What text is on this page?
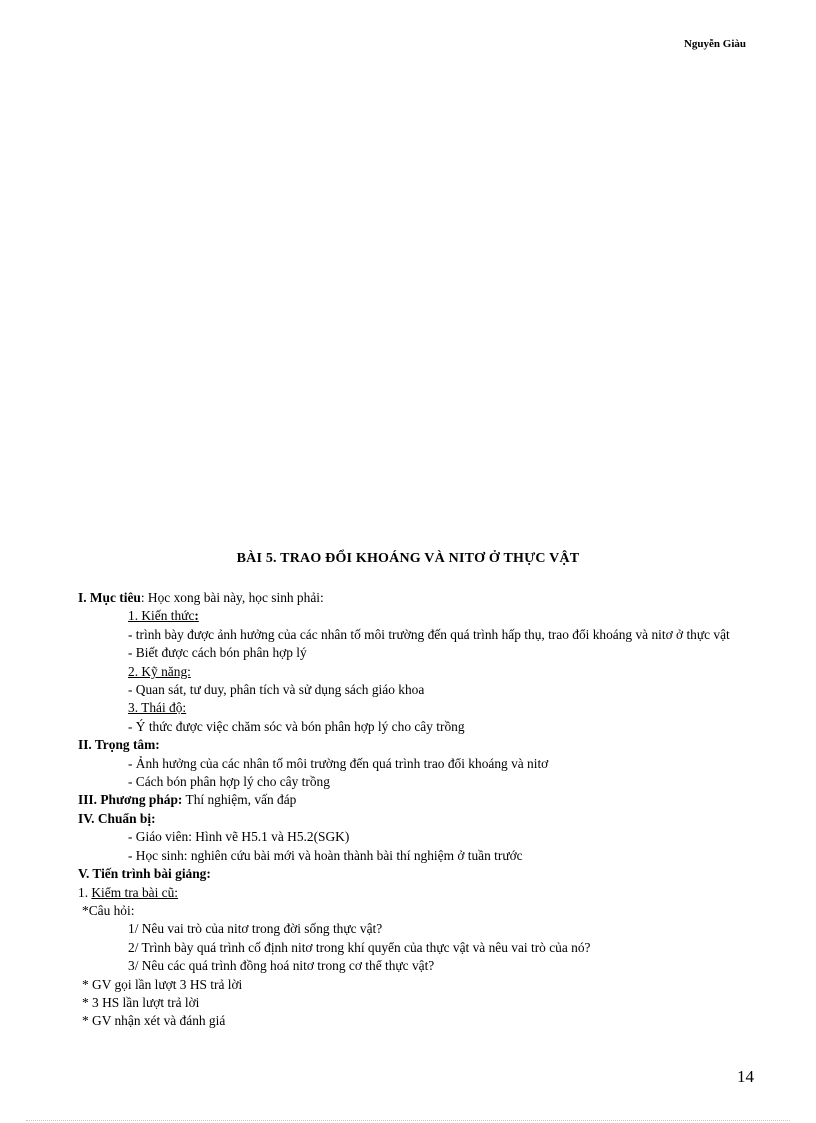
Nguyễn Giàu
BÀI 5. TRAO ĐỔI KHOÁNG VÀ NITƠ Ở THỰC VẬT
I. Mục tiêu: Học xong bài này, học sinh phải:
1. Kiến thức:
- trình bày được ảnh hưởng của các nhân tố môi trường đến quá trình hấp thụ, trao đổi khoáng và nitơ ở thực vật
- Biết được cách bón phân hợp lý
2. Kỹ năng:
- Quan sát, tư duy, phân tích và sử dụng sách giáo khoa
3. Thái độ:
- Ý thức được việc chăm sóc và bón phân hợp lý cho cây trồng
II. Trọng tâm:
- Ảnh hưởng của các nhân tố môi trường đến quá trình trao đổi khoáng và nitơ
- Cách bón phân hợp lý cho cây trồng
III. Phương pháp: Thí nghiệm, vấn đáp
IV. Chuẩn bị:
- Giáo viên: Hình vẽ H5.1 và H5.2(SGK)
- Học sinh: nghiên cứu bài mới và hoàn thành bài thí nghiệm ở tuần trước
V. Tiến trình bài giảng:
1. Kiểm tra bài cũ:
*Câu hỏi:
1/ Nêu vai trò của nitơ trong đời sống thực vật?
2/ Trình bày quá trình cố định nitơ trong khí quyển của thực vật và nêu vai trò của nó?
3/ Nêu các quá trình đồng hoá nitơ trong cơ thể thực vật?
* GV gọi lần lượt 3 HS trả lời
* 3 HS lần lượt trả lời
* GV nhận xét và đánh giá
14
